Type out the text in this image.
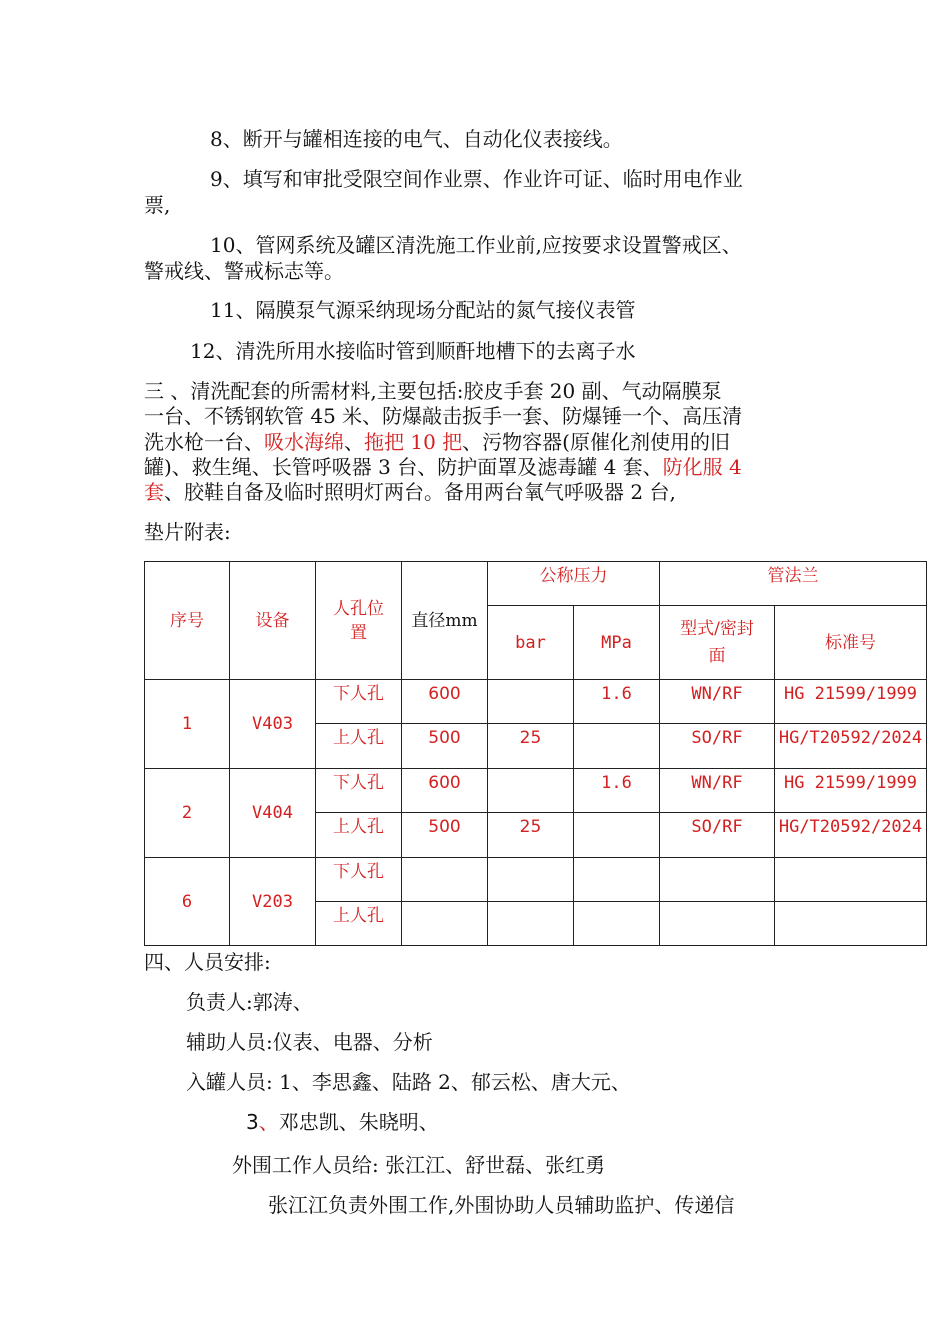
8、断开与罐相连接的电气、自动化仪表接线。
9、填写和审批受限空间作业票、作业许可证、临时用电作业
票,
10、管网系统及罐区清洗施工作业前,应按要求设置警戒区、
警戒线、警戒标志等。
11、隔膜泵气源采纳现场分配站的氮气接仪表管
12、清洗所用水接临时管到顺酐地槽下的去离子水
三 、清洗配套的所需材料,主要包括:胶皮手套 20 副、气动隔膜泵
一台、不锈钢软管 45 米、防爆敲击扳手一套、防爆锤一个、高压清
洗水枪一台、吸水海绵、拖把 10 把、污物容器(原催化剂使用的旧
罐)、救生绳、长管呼吸器 3 台、防护面罩及滤毒罐 4 套、防化服 4
套、胶鞋自备及临时照明灯两台。备用两台氧气呼吸器 2 台,
垫片附表:
序号	设备	人孔位置	直径mm	公称压力		管法兰	
				bar	MPa	型式/密封面	标准号
1	V403	下人孔	600		1.6	WN/RF	HG 21599/1999
		上人孔	500	25		SO/RF	HG/T20592/2024
2	V404	下人孔	600		1.6	WN/RF	HG 21599/1999
		上人孔	500	25		SO/RF	HG/T20592/2024
6	V203	下人孔					
		上人孔					
四、人员安排:
负责人:郭涛、
辅助人员:仪表、电器、分析
入罐人员: 1、李思鑫、陆路 2、郁云松、唐大元、
3、邓忠凯、朱晓明、
外围工作人员给: 张江江、舒世磊、张红勇
张江江负责外围工作,外围协助人员辅助监护、传递信
